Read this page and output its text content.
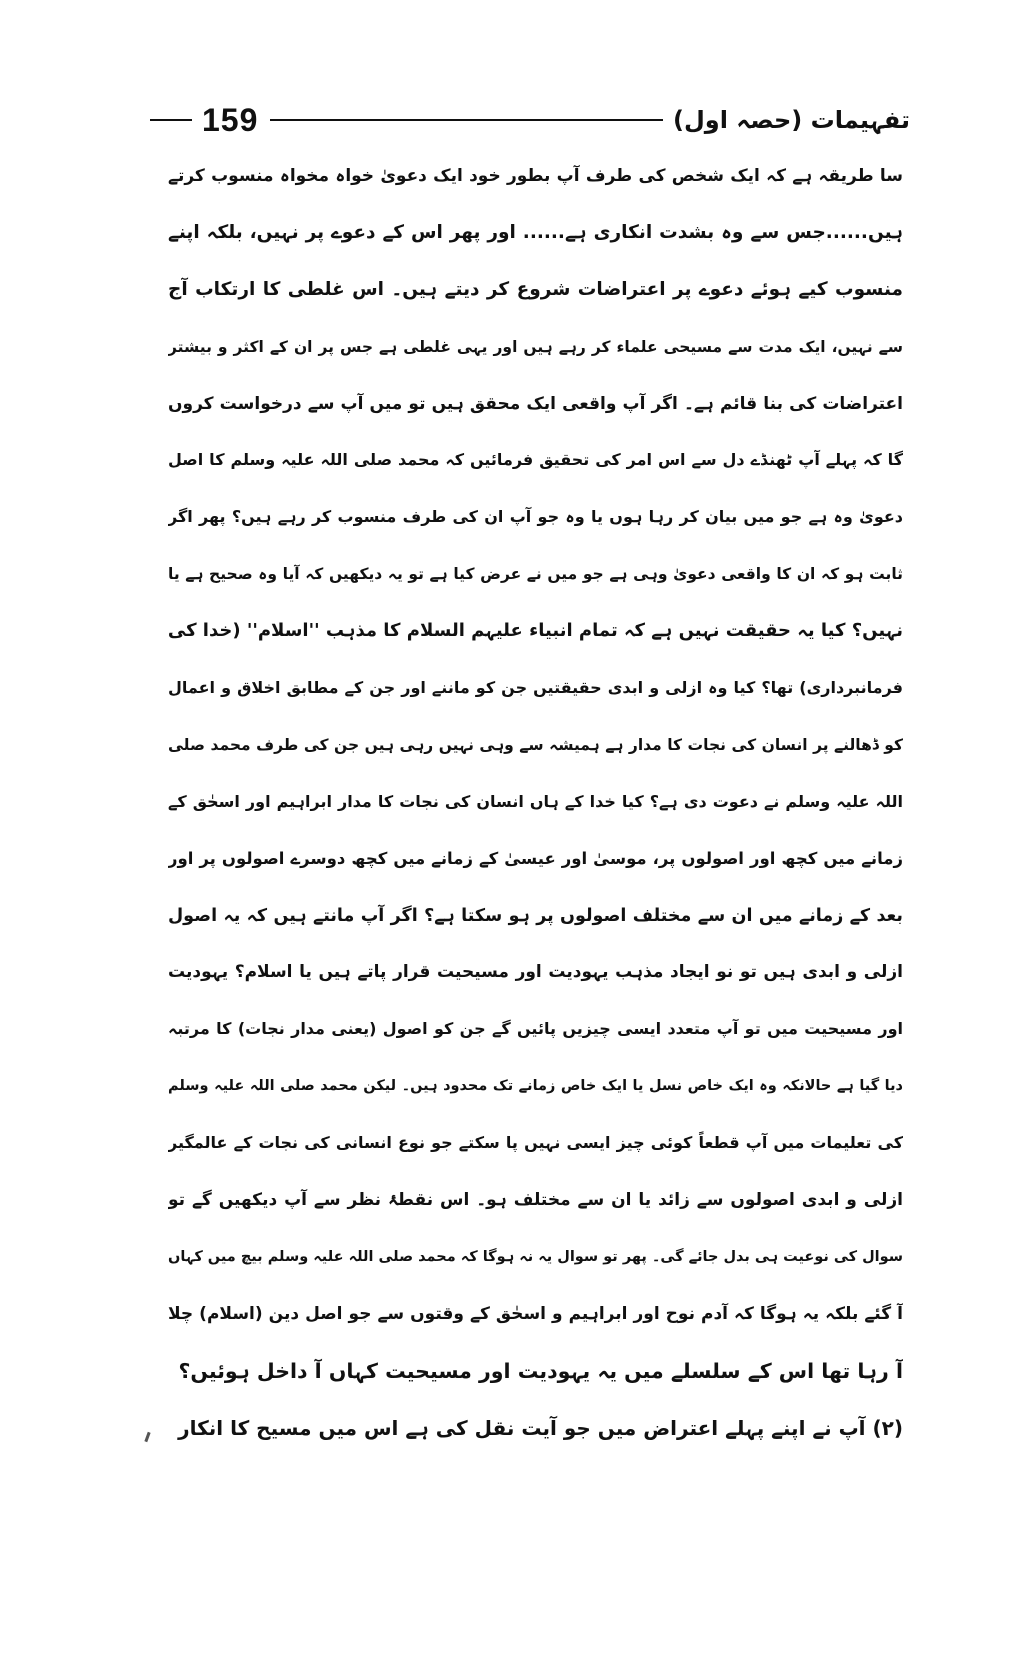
159	تفہیمات (حصہ اول)
سا طریقہ ہے کہ ایک شخص کی طرف آپ بطور خود ایک دعویٰ خواہ مخواہ منسوب کرتے
ہیں......جس سے وہ بشدت انکاری ہے...... اور پھر اس کے دعوے پر نہیں، بلکہ اپنے
منسوب کیے ہوئے دعوے پر اعتراضات شروع کر دیتے ہیں۔ اس غلطی کا ارتکاب آج
سے نہیں، ایک مدت سے مسیحی علماء کر رہے ہیں اور یہی غلطی ہے جس پر ان کے اکثر و بیشتر
اعتراضات کی بنا قائم ہے۔ اگر آپ واقعی ایک محقق ہیں تو میں آپ سے درخواست کروں
گا کہ پہلے آپ ٹھنڈے دل سے اس امر کی تحقیق فرمائیں کہ محمد صلی اللہ علیہ وسلم کا اصل
دعویٰ وہ ہے جو میں بیان کر رہا ہوں یا وہ جو آپ ان کی طرف منسوب کر رہے ہیں؟ پھر اگر
ثابت ہو کہ ان کا واقعی دعویٰ وہی ہے جو میں نے عرض کیا ہے تو یہ دیکھیں کہ آیا وہ صحیح ہے یا
نہیں؟ کیا یہ حقیقت نہیں ہے کہ تمام انبیاء علیہم السلام کا مذہب ''اسلام'' (خدا کی
فرمانبرداری) تھا؟ کیا وہ ازلی و ابدی حقیقتیں جن کو ماننے اور جن کے مطابق اخلاق و اعمال
کو ڈھالنے پر انسان کی نجات کا مدار ہے ہمیشہ سے وہی نہیں رہی ہیں جن کی طرف محمد صلی
اللہ علیہ وسلم نے دعوت دی ہے؟ کیا خدا کے ہاں انسان کی نجات کا مدار ابراہیم اور اسحٰق کے
زمانے میں کچھ اور اصولوں پر، موسیٰ اور عیسیٰ کے زمانے میں کچھ دوسرے اصولوں پر اور
بعد کے زمانے میں ان سے مختلف اصولوں پر ہو سکتا ہے؟ اگر آپ مانتے ہیں کہ یہ اصول
ازلی و ابدی ہیں تو نو ایجاد مذہب یہودیت اور مسیحیت قرار پاتے ہیں یا اسلام؟ یہودیت
اور مسیحیت میں تو آپ متعدد ایسی چیزیں پائیں گے جن کو اصول (یعنی مدار نجات) کا مرتبہ
دیا گیا ہے حالانکہ وہ ایک خاص نسل یا ایک خاص زمانے تک محدود ہیں۔ لیکن محمد صلی اللہ علیہ وسلم
کی تعلیمات میں آپ قطعاً کوئی چیز ایسی نہیں پا سکتے جو نوع انسانی کی نجات کے عالمگیر
ازلی و ابدی اصولوں سے زائد یا ان سے مختلف ہو۔ اس نقطۂ نظر سے آپ دیکھیں گے تو
سوال کی نوعیت ہی بدل جائے گی۔ پھر تو سوال یہ نہ ہوگا کہ محمد صلی اللہ علیہ وسلم بیچ میں کہاں
آ گئے بلکہ یہ ہوگا کہ آدم نوح اور ابراہیم و اسحٰق کے وقتوں سے جو اصل دین (اسلام) چلا
آ رہا تھا اس کے سلسلے میں یہ یہودیت اور مسیحیت کہاں آ داخل ہوئیں؟
(۲) آپ نے اپنے پہلے اعتراض میں جو آیت نقل کی ہے اس میں مسیح کا انکار
